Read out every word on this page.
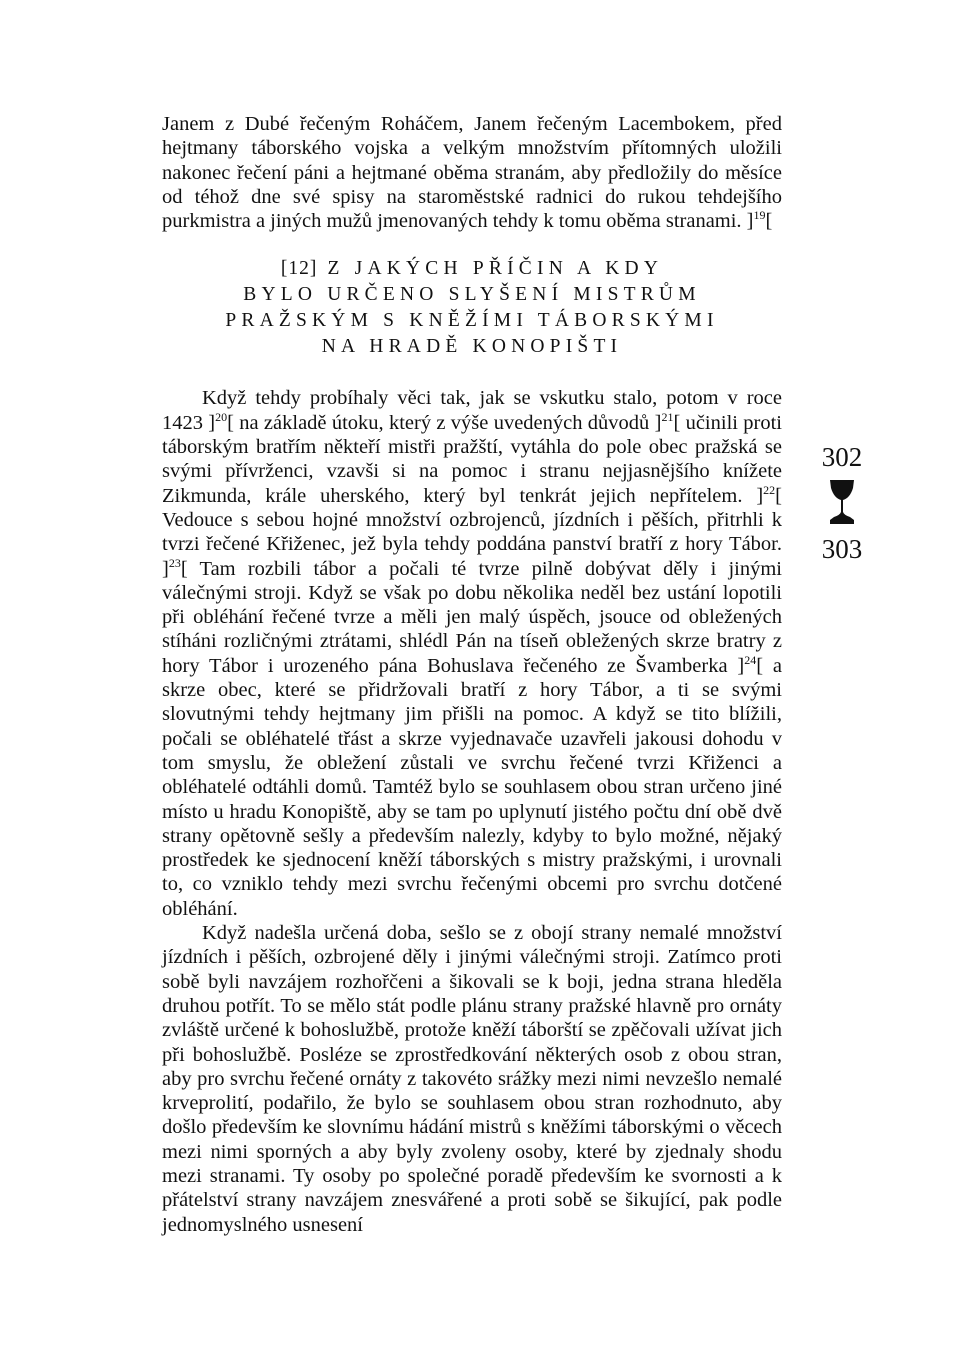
Janem z Dubé řečeným Roháčem, Janem řečeným Lacembokem, před hejtmany táborského vojska a velkým množstvím přítomných uložili nakonec řečení páni a hejtmané oběma stranám, aby předložily do měsíce od téhož dne své spisy na staroměstské radnici do rukou tehdejšího purkmistra a jiných mužů jmenovaných tehdy k tomu oběma stranami. ]$^{19}$[

[12] Z JAKÝCH PŘÍČIN A KDY
BYLO URČENO SLYŠENÍ MISTRŮM
PRAŽSKÝM S KNĚŽÍMI TÁBORSKÝMI
NA HRADĚ KONOPIŠTI

Když tehdy probíhaly věci tak, jak se vskutku stalo, potom v roce 1423 ]$^{20}$[ na základě útoku, který z výše uvedených důvodů ]$^{21}$[ učinili proti táborským bratřím někteří mistři pražští, vytáhla do pole obec pražská se svými přívrženci, vzavši si na pomoc i stranu nejjasnějšího knížete Zikmunda, krále uherského, který byl tenkrát jejich nepřítelem. ]$^{22}$[ Vedouce s sebou hojné množství ozbrojenců, jízdních i pěších, přitrhli k tvrzi řečené Křiženec, jež byla tehdy poddána panství bratří z hory Tábor. ]$^{23}$[ Tam rozbili tábor a počali té tvrze pilně dobývat děly i jinými válečnými stroji. Když se však po dobu několika neděl bez ustání lopotili při obléhání řečené tvrze a měli jen malý úspěch, jsouce od obležených stíháni rozličnými ztrátami, shlédl Pán na tíseň obležených skrze bratry z hory Tábor i urozeného pána Bohuslava řečeného ze Švamberka ]$^{24}$[ a skrze obec, které se přidržovali bratří z hory Tábor, a ti se svými slovutnými tehdy hejtmany jim přišli na pomoc. A když se tito blížili, počali se obléhatelé třást a skrze vyjednavače uzavřeli jakousi dohodu v tom smyslu, že obležení zůstali ve svrchu řečené tvrzi Křiženci a obléhatelé odtáhli domů. Tamtéž bylo se souhlasem obou stran určeno jiné místo u hradu Konopiště, aby se tam po uplynutí jistého počtu dní obě dvě strany opětovně sešly a především nalezly, kdyby to bylo možné, nějaký prostředek ke sjednocení kněží táborských s mistry pražskými, i urovnali to, co vzniklo tehdy mezi svrchu řečenými obcemi pro svrchu dotčené obléhání.

Když nadešla určená doba, sešlo se z obojí strany nemalé množství jízdních i pěších, ozbrojené děly i jinými válečnými stroji. Zatímco proti sobě byli navzájem rozhořčeni a šikovali se k boji, jedna strana hleděla druhou potřít. To se mělo stát podle plánu strany pražské hlavně pro ornáty zvláště určené k bohoslužbě, protože kněží táborští se zpěčovali užívat jich při bohoslužbě. Posléze se zprostředkování některých osob z obou stran, aby pro svrchu řečené ornáty z takovéto srážky mezi nimi nevzešlo nemalé krveprolití, podařilo, že bylo se souhlasem obou stran rozhodnuto, aby došlo především ke slovnímu hádání mistrů s kněžími táborskými o věcech mezi nimi sporných a aby byly zvoleny osoby, které by zjednaly shodu mezi stranami. Ty osoby po společné poradě především ke svornosti a k přátelství strany navzájem znesvářené a proti sobě se šikující, pak podle jednomyslného usnesení

302
303
